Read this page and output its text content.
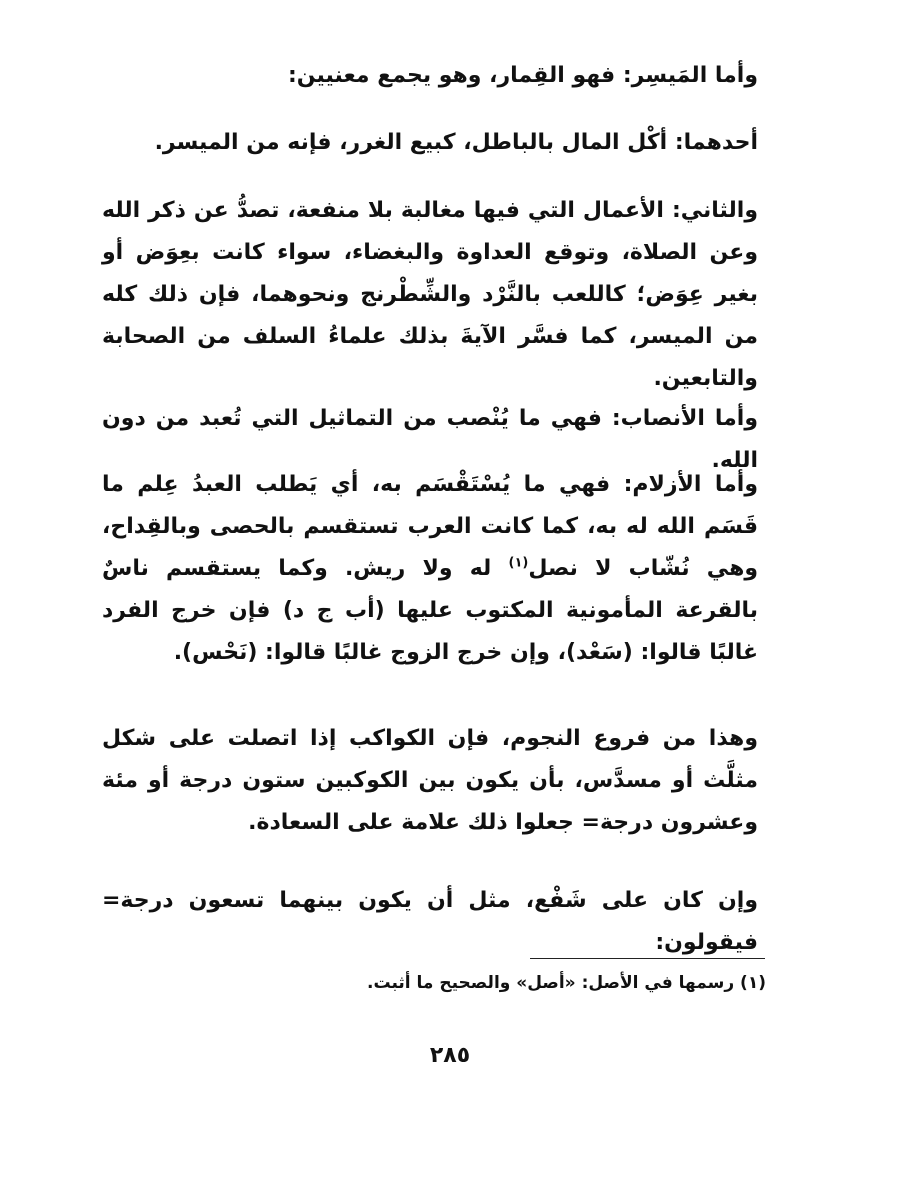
وأما المَيسِر: فهو القِمار، وهو يجمع معنيين:

أحدهما: أكْل المال بالباطل، كبيع الغرر، فإنه من الميسر.

والثاني: الأعمال التي فيها مغالبة بلا منفعة، تصدُّ عن ذكر الله وعن الصلاة، وتوقع العداوة والبغضاء، سواء كانت بعِوَض أو بغير عِوَض؛ كاللعب بالنَّرْد والشِّطْرنج ونحوهما، فإن ذلك كله من الميسر، كما فسَّر الآيةَ بذلك علماءُ السلف من الصحابة والتابعين.

وأما الأنصاب: فهي ما يُنْصب من التماثيل التي تُعبد من دون الله.

وأما الأزلام: فهي ما يُسْتَقْسَم به، أي يَطلب العبدُ عِلم ما قَسَم الله له به، كما كانت العرب تستقسم بالحصى وبالقِداح، وهي نُشّاب لا نصل$^{(١)}$ له ولا ريش. وكما يستقسم ناسٌ بالقرعة المأمونية المكتوب عليها (أب ج د) فإن خرج الفرد غالبًا قالوا: (سَعْد)، وإن خرج الزوج غالبًا قالوا: (نَحْس).

وهذا من فروع النجوم، فإن الكواكب إذا اتصلت على شكل مثلَّث أو مسدَّس، بأن يكون بين الكوكبين ستون درجة أو مئة وعشرون درجة= جعلوا ذلك علامة على السعادة.

وإن كان على شَفْع، مثل أن يكون بينهما تسعون درجة= فيقولون:

(١) رسمها في الأصل: «أصل» والصحيح ما أثبت.

٢٨٥
